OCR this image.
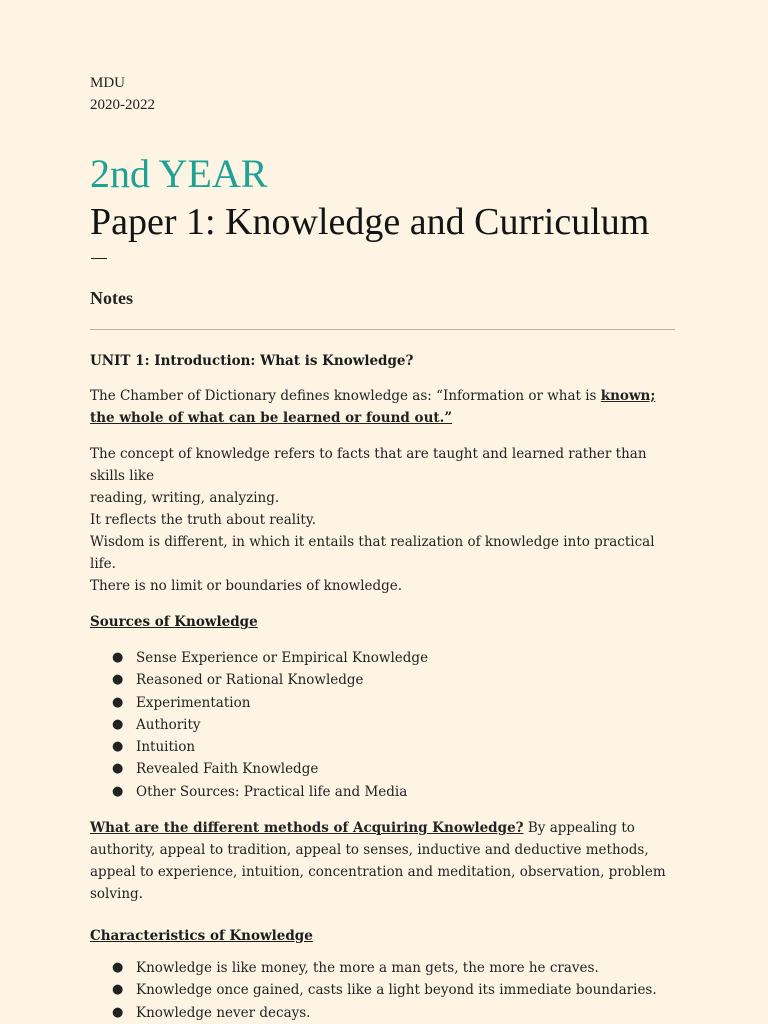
MDU

2020-2022

2nd YEAR
Paper 1: Knowledge and Curriculum
Notes
UNIT 1: Introduction: What is Knowledge?

The Chamber of Dictionary defines knowledge as: “Information or what is known; the whole of what can be learned or found out.”

The concept of knowledge refers to facts that are taught and learned rather than skills like
reading, writing, analyzing.
It reflects the truth about reality.
Wisdom is different, in which it entails that realization of knowledge into practical life.
There is no limit or boundaries of knowledge.

Sources of Knowledge
● Sense Experience or Empirical Knowledge
● Reasoned or Rational Knowledge
● Experimentation
● Authority
● Intuition
● Revealed Faith Knowledge
● Other Sources: Practical life and Media

What are the different methods of Acquiring Knowledge? By appealing to authority, appeal to tradition, appeal to senses, inductive and deductive methods, appeal to experience, intuition, concentration and meditation, observation, problem solving.

Characteristics of Knowledge
● Knowledge is like money, the more a man gets, the more he craves.
● Knowledge once gained, casts like a light beyond its immediate boundaries.
● Knowledge never decays.
